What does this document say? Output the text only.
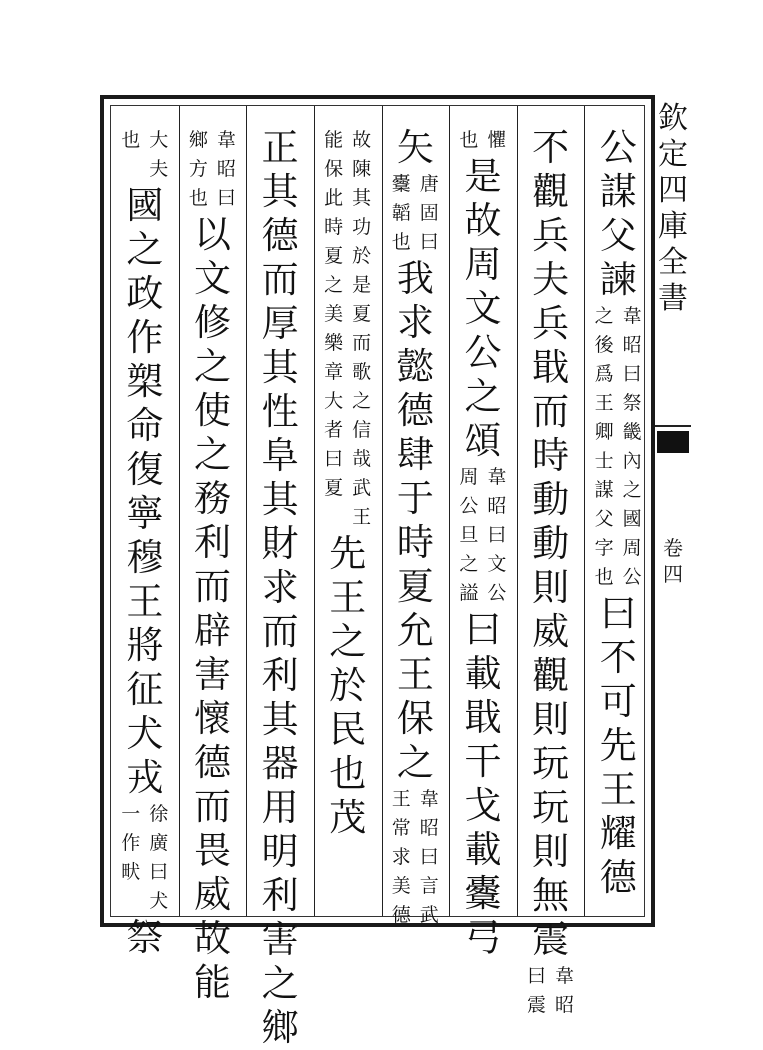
公
謀
父
諫
韋
昭
曰
祭
畿
內
之
國
周
公
之
後
爲
王
卿
士
謀
父
字
也
曰
不
可
先
王
耀
德
不
觀
兵
夫
兵
戢
而
時
動
動
則
威
觀
則
玩
玩
則
無
震
韋
昭
曰
震
懼
也
是
故
周
文
公
之
頌
韋
昭
曰
文
公
周
公
旦
之
謚
曰
載
戢
干
戈
載
櫜
弓
矢
唐
固
曰
櫜
韜
也
我
求
懿
德
肆
于
時
夏
允
王
保
之
韋
昭
曰
言
武
王
常
求
美
德
故
陳
其
功
於
是
夏
而
歌
之
信
哉
武
王
能
保
此
時
夏
之
美
樂
章
大
者
曰
夏
先
王
之
於
民
也
茂
正
其
德
而
厚
其
性
阜
其
財
求
而
利
其
器
用
明
利
害
之
鄉
韋
昭
曰
鄉
方
也
以
文
修
之
使
之
務
利
而
辟
害
懷
德
而
畏
威
故
能
大
夫
也
國
之
政
作
槊
命
復
寧
穆
王
將
征
犬
戎
徐
廣
曰
犬
一
作
畎
祭
欽
定
四
庫
全
書
卷
四
